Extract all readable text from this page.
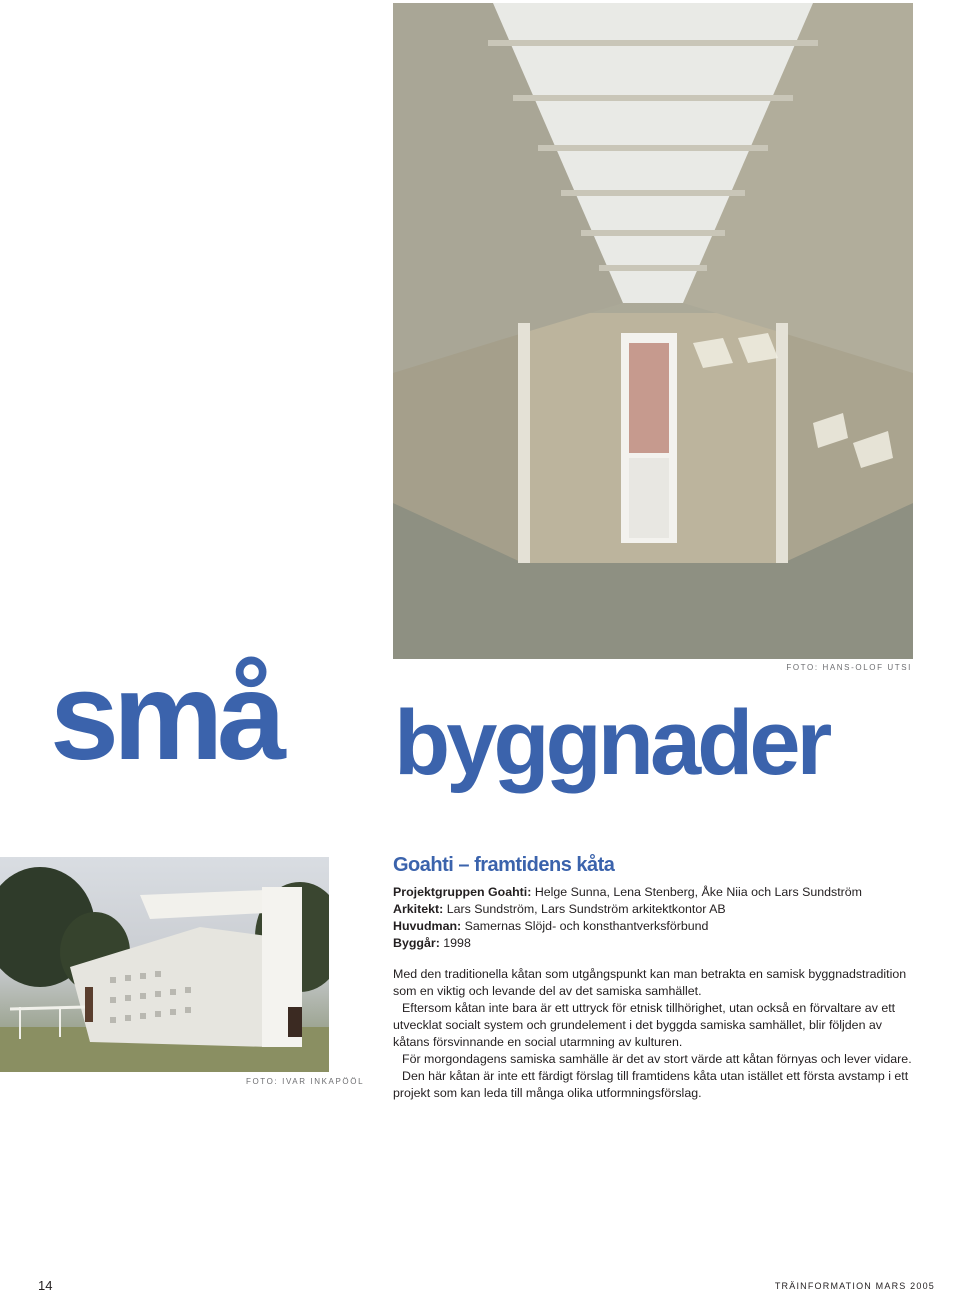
FOTO: HANS-OLOF UTSI
små byggnader
FOTO: IVAR INKAPÖÖL
Goahti – framtidens kåta
Projektgruppen Goahti: Helge Sunna, Lena Stenberg, Åke Niia och Lars Sundström
Arkitekt: Lars Sundström, Lars Sundström arkitektkontor AB
Huvudman: Samernas Slöjd- och konsthantverksförbund
Byggår: 1998

Med den traditionella kåtan som utgångspunkt kan man betrakta en samisk byggnadstradition som en viktig och levande del av det samiska samhället.

Eftersom kåtan inte bara är ett uttryck för etnisk tillhörighet, utan också en förvaltare av ett utvecklat socialt system och grundelement i det byggda samiska samhället, blir följden av kåtans försvinnande en social utarmning av kulturen.

För morgondagens samiska samhälle är det av stort värde att kåtan förnyas och lever vidare.

Den här kåtan är inte ett färdigt förslag till framtidens kåta utan istället ett första avstamp i ett projekt som kan leda till många olika utformningsförslag.

14	TRÄINFORMATION MARS 2005
